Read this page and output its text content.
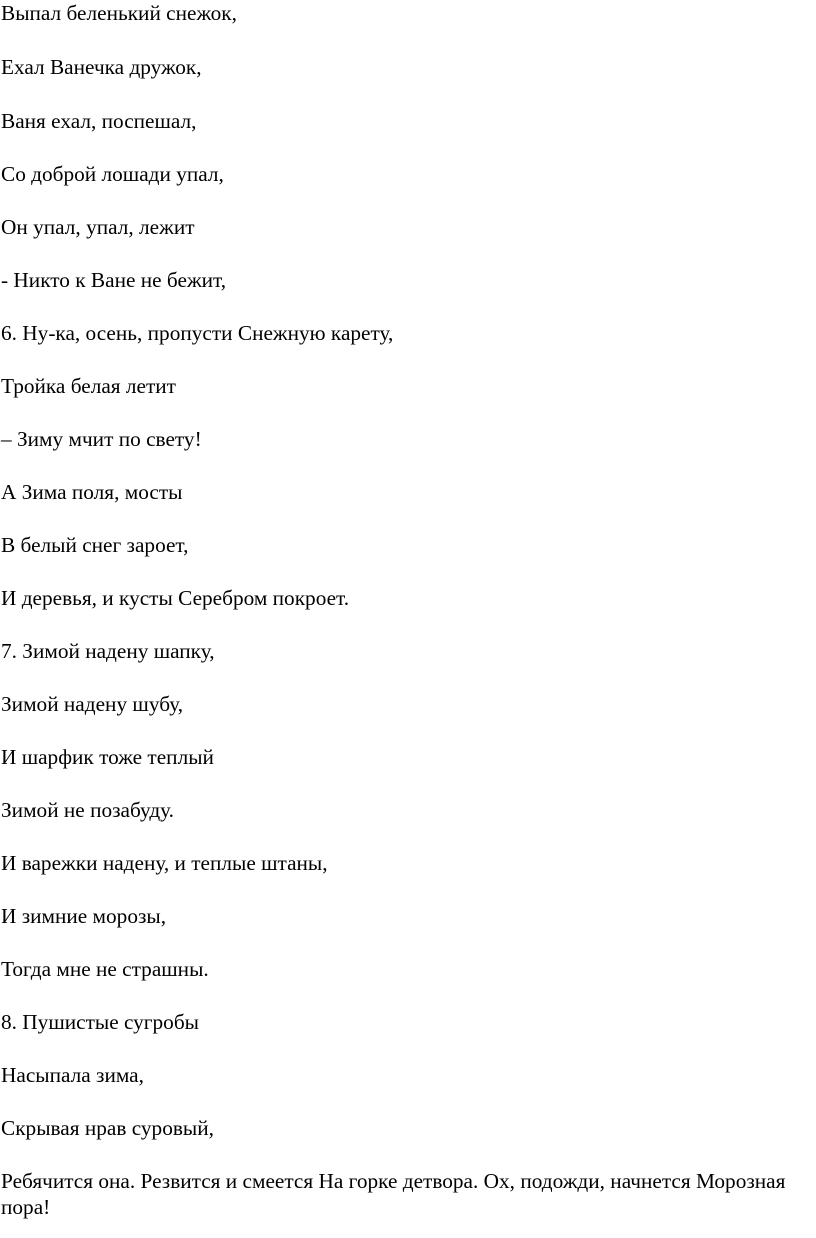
Выпал беленький снежок,
Ехал Ванечка дружок,
Ваня ехал, поспешал,
Со доброй лошади упал,
Он упал, упал, лежит
- Никто к Ване не бежит,
6. Ну-ка, осень, пропусти Снежную карету,
Тройка белая летит
– Зиму мчит по свету!
А Зима поля, мосты
В белый снег зароет,
И деревья, и кусты Серебром покроет.
7. Зимой надену шапку,
Зимой надену шубу,
И шарфик тоже теплый
Зимой не позабуду.
И варежки надену, и теплые штаны,
И зимние морозы,
Тогда мне не страшны.
8. Пушистые сугробы
Насыпала зима,
Скрывая нрав суровый,
Ребячится она. Резвится и смеется На горке детвора. Ох, подожди, начнется Морозная пора!
